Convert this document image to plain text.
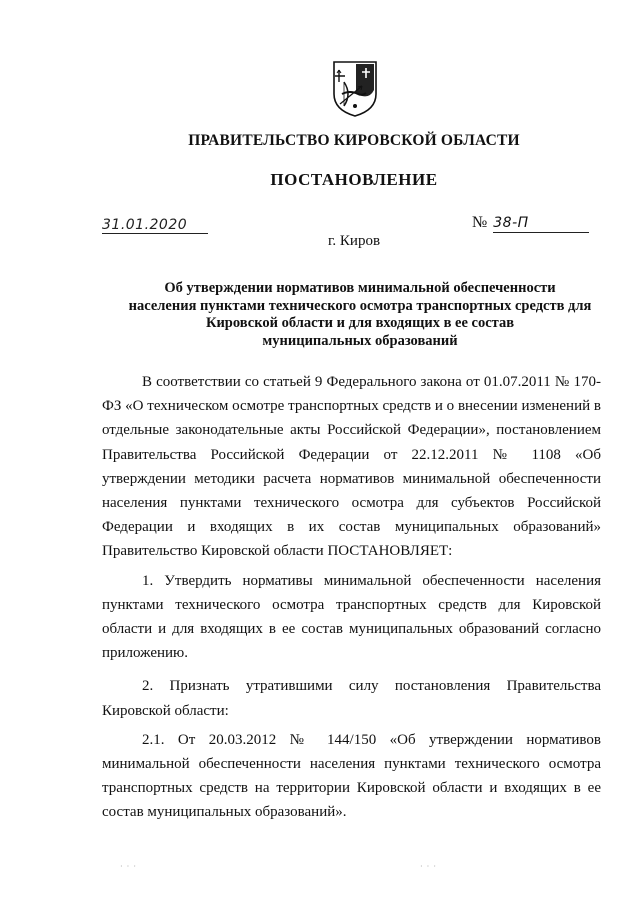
ПРАВИТЕЛЬСТВО КИРОВСКОЙ ОБЛАСТИ
ПОСТАНОВЛЕНИЕ
31.01.2020	№ 38-П
г. Киров
Об утверждении нормативов минимальной обеспеченности
населения пунктами технического осмотра транспортных средств для
Кировской области и для входящих в ее состав
муниципальных образований
В соответствии со статьей 9 Федерального закона от 01.07.2011 № 170-ФЗ «О техническом осмотре транспортных средств и о внесении изменений в отдельные законодательные акты Российской Федерации», постановлением Правительства Российской Федерации от 22.12.2011 № 1108 «Об утверждении методики расчета нормативов минимальной обеспеченности населения пунктами технического осмотра для субъектов Российской Федерации и входящих в их состав муниципальных образований» Правительство Кировской области ПОСТАНОВЛЯЕТ:
1. Утвердить нормативы минимальной обеспеченности населения пунктами технического осмотра транспортных средств для Кировской области и для входящих в ее состав муниципальных образований согласно приложению.
2. Признать утратившими силу постановления Правительства Кировской области:
2.1. От 20.03.2012 № 144/150 «Об утверждении нормативов минимальной обеспеченности населения пунктами технического осмотра транспортных средств на территории Кировской области и входящих в ее состав муниципальных образований».
· · ·	· · ·
